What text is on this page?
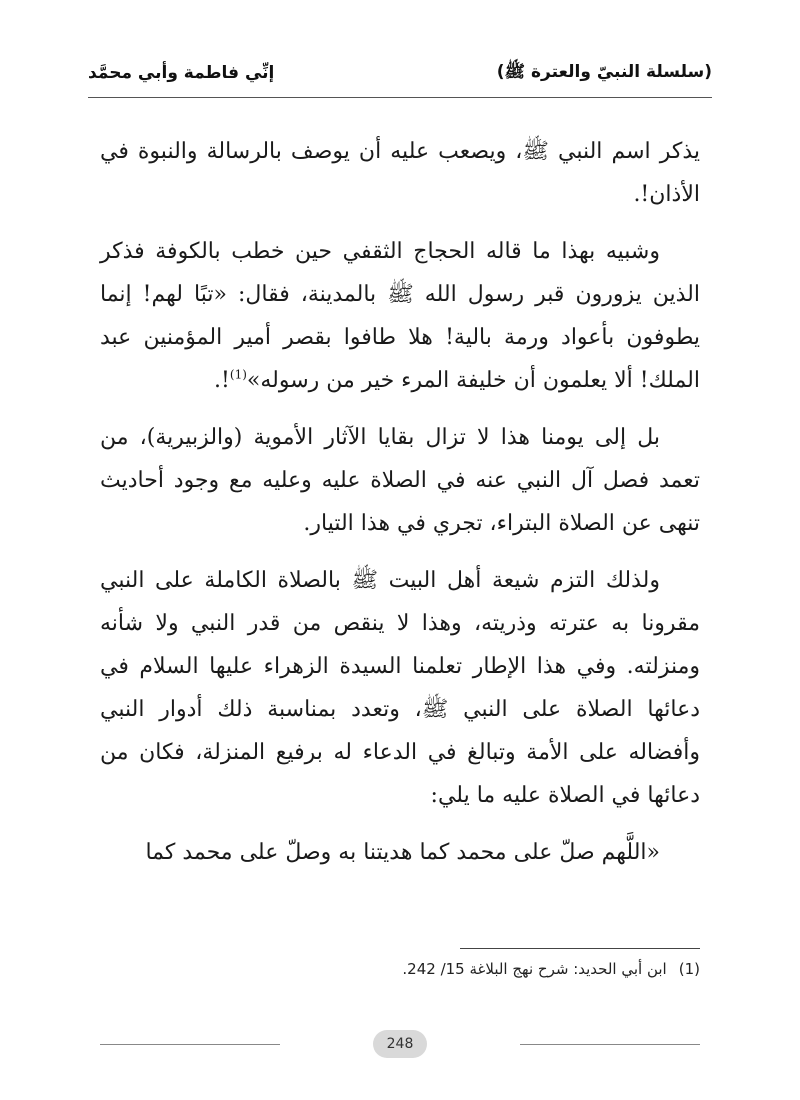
(سلسلة النبيّ والعترة ﷺ)
إنِّي فاطمة وأبي محمَّد

يذكر اسم النبي ﷺ، ويصعب عليه أن يوصف بالرسالة والنبوة في الأذان!.

وشبيه بهذا ما قاله الحجاج الثقفي حين خطب بالكوفة فذكر الذين يزورون قبر رسول الله ﷺ بالمدينة، فقال: «تبًا لهم! إنما يطوفون بأعواد ورمة بالية! هلا طافوا بقصر أمير المؤمنين عبد الملك! ألا يعلمون أن خليفة المرء خير من رسوله»$^{(1)}$!.

بل إلى يومنا هذا لا تزال بقايا الآثار الأموية (والزبيرية)، من تعمد فصل آل النبي عنه في الصلاة عليه وعليه مع وجود أحاديث تنهى عن الصلاة البتراء، تجري في هذا التيار.

ولذلك التزم شيعة أهل البيت ﷺ بالصلاة الكاملة على النبي مقرونا به عترته وذريته، وهذا لا ينقص من قدر النبي ولا شأنه ومنزلته. وفي هذا الإطار تعلمنا السيدة الزهراء عليها السلام في دعائها الصلاة على النبي ﷺ، وتعدد بمناسبة ذلك أدوار النبي وأفضاله على الأمة وتبالغ في الدعاء له برفيع المنزلة، فكان من دعائها في الصلاة عليه ما يلي:

«اللَّهم صلّ على محمد كما هديتنا به وصلّ على محمد كما

(1)ابن أبي الحديد: شرح نهج البلاغة 15/ 242.
248
